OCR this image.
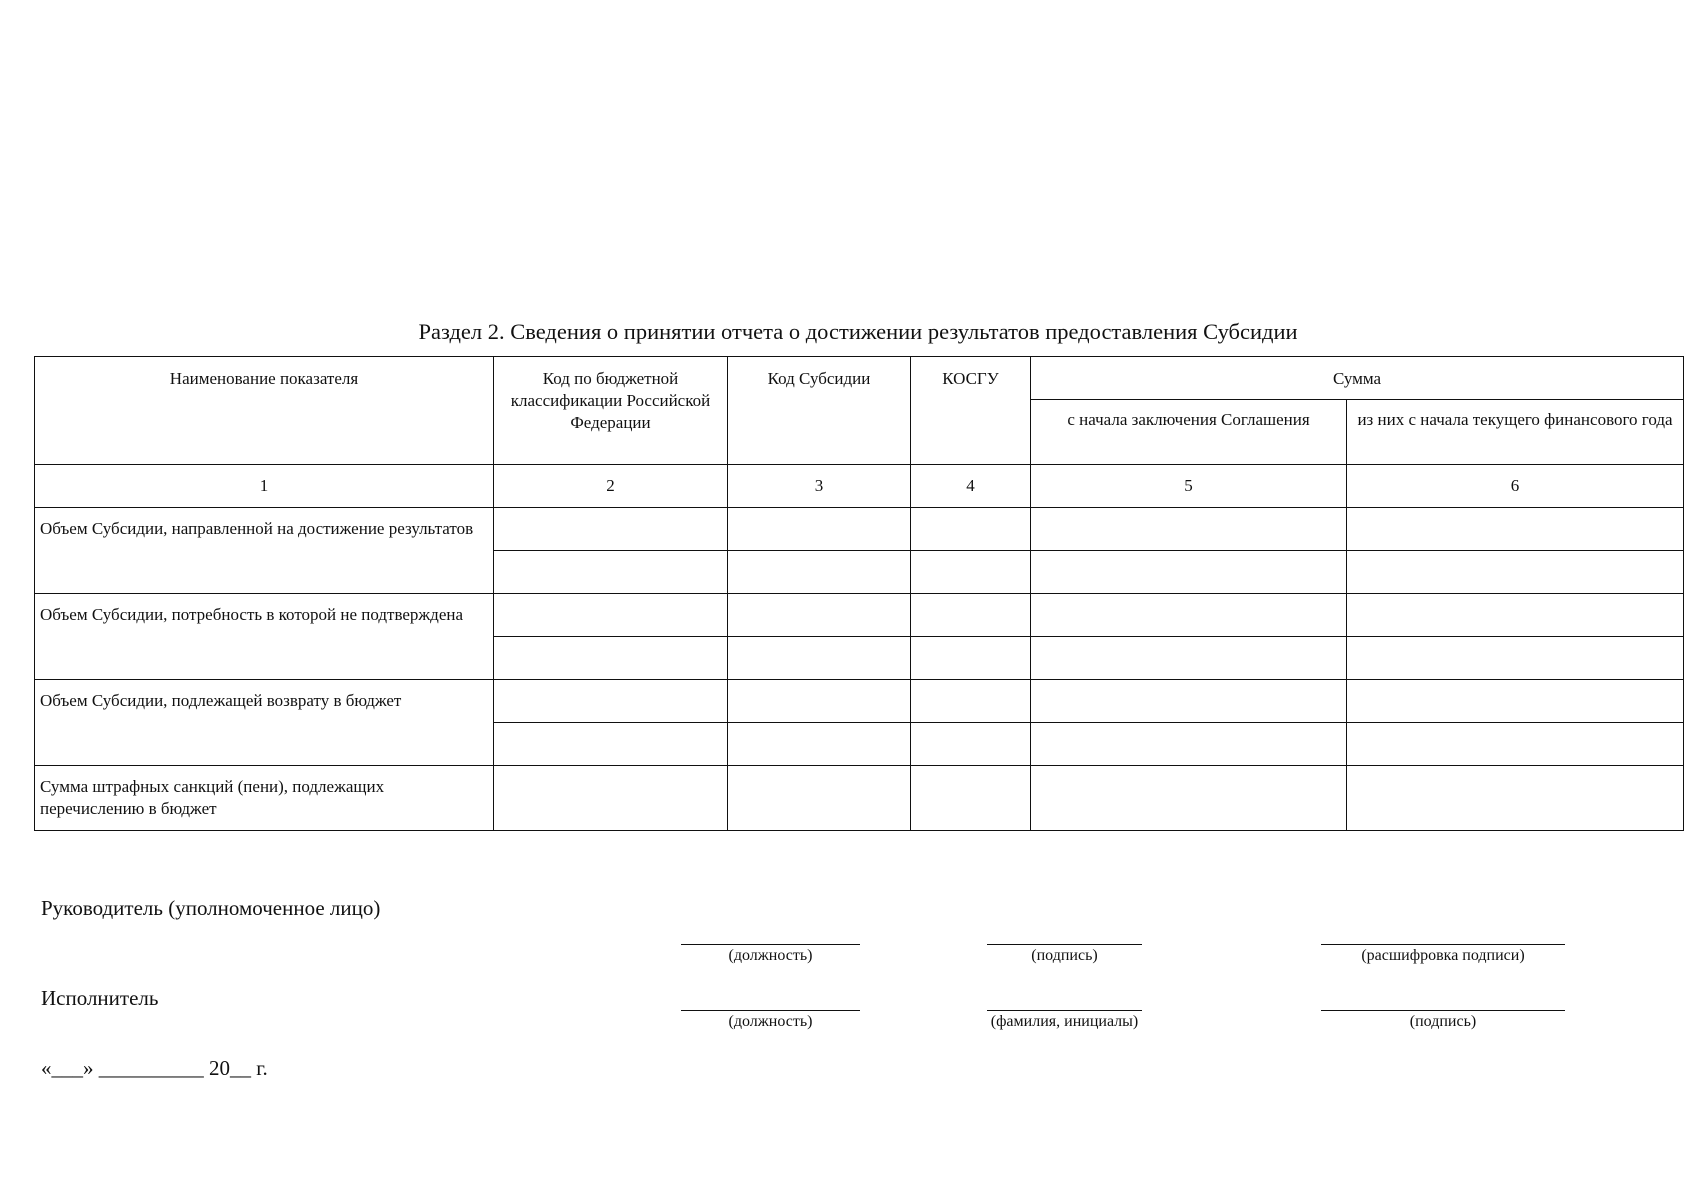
Раздел 2. Сведения о принятии отчета о достижении результатов предоставления Субсидии
Наименование показателя	Код по бюджетной классификации Российской Федерации	Код Субсидии	КОСГУ	Сумма	
				с начала заключения Соглашения	из них с начала текущего финансового года
1	2	3	4	5	6
Объем Субсидии, направленной на достижение результатов					

Объем Субсидии, потребность в которой не подтверждена					

Объем Субсидии, подлежащей возврату в бюджет					

Сумма штрафных санкций (пени), подлежащих перечислению в бюджет					
Руководитель (уполномоченное лицо)
(должность)	(подпись)	(расшифровка подписи)
Исполнитель
(должность)	(фамилия, инициалы)	(подпись)
«___» __________ 20__ г.
